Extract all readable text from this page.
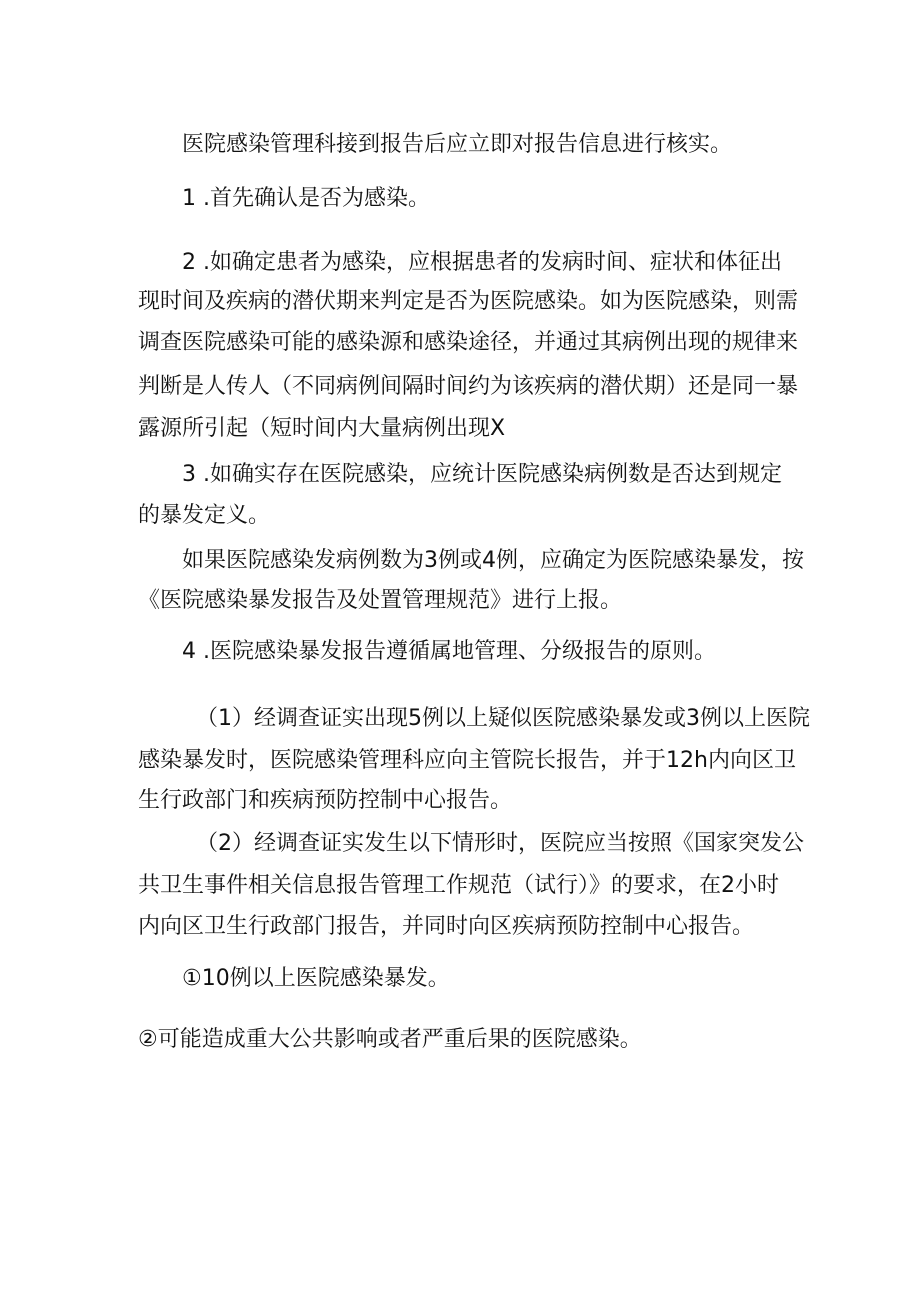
医院感染管理科接到报告后应立即对报告信息进行核实。

1 .首先确认是否为感染。

2 .如确定患者为感染，应根据患者的发病时间、症状和体征出

现时间及疾病的潜伏期来判定是否为医院感染。如为医院感染，则需

调查医院感染可能的感染源和感染途径，并通过其病例出现的规律来

判断是人传人（不同病例间隔时间约为该疾病的潜伏期）还是同一暴

露源所引起（短时间内大量病例出现X

3 .如确实存在医院感染，应统计医院感染病例数是否达到规定

的暴发定义。

如果医院感染发病例数为3例或4例，应确定为医院感染暴发，按

《医院感染暴发报告及处置管理规范》进行上报。

4 .医院感染暴发报告遵循属地管理、分级报告的原则。

（1）经调查证实出现5例以上疑似医院感染暴发或3例以上医院

感染暴发时，医院感染管理科应向主管院长报告，并于12h内向区卫

生行政部门和疾病预防控制中心报告。

（2）经调查证实发生以下情形时，医院应当按照《国家突发公

共卫生事件相关信息报告管理工作规范（试行）》的要求，在2小时

内向区卫生行政部门报告，并同时向区疾病预防控制中心报告。

①10例以上医院感染暴发。

②可能造成重大公共影响或者严重后果的医院感染。
